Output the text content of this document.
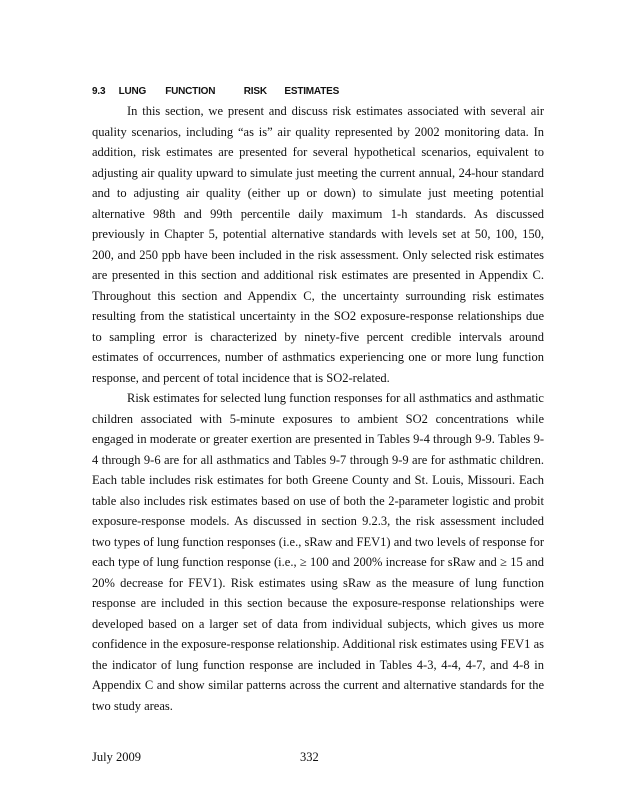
9.3 LUNG FUNCTION	RISK ESTIMATES

In this section, we present and discuss risk estimates associated with several air quality scenarios, including “as is” air quality represented by 2002 monitoring data. In addition, risk estimates are presented for several hypothetical scenarios, equivalent to adjusting air quality upward to simulate just meeting the current annual, 24-hour standard and to adjusting air quality (either up or down) to simulate just meeting potential alternative 98th and 99th percentile daily maximum 1-h standards. As discussed previously in Chapter 5, potential alternative standards with levels set at 50, 100, 150, 200, and 250 ppb have been included in the risk assessment. Only selected risk estimates are presented in this section and additional risk estimates are presented in Appendix C. Throughout this section and Appendix C, the uncertainty surrounding risk estimates resulting from the statistical uncertainty in the SO2 exposure-response relationships due to sampling error is characterized by ninety-five percent credible intervals around estimates of occurrences, number of asthmatics experiencing one or more lung function response, and percent of total incidence that is SO2-related.

Risk estimates for selected lung function responses for all asthmatics and asthmatic children associated with 5-minute exposures to ambient SO2 concentrations while engaged in moderate or greater exertion are presented in Tables 9-4 through 9-9. Tables 9-4 through 9-6 are for all asthmatics and Tables 9-7 through 9-9 are for asthmatic children. Each table includes risk estimates for both Greene County and St. Louis, Missouri. Each table also includes risk estimates based on use of both the 2-parameter logistic and probit exposure-response models. As discussed in section 9.2.3, the risk assessment included two types of lung function responses (i.e., sRaw and FEV1) and two levels of response for each type of lung function response (i.e., ≥ 100 and 200% increase for sRaw and ≥ 15 and 20% decrease for FEV1). Risk estimates using sRaw as the measure of lung function response are included in this section because the exposure-response relationships were developed based on a larger set of data from individual subjects, which gives us more confidence in the exposure-response relationship. Additional risk estimates using FEV1 as the indicator of lung function response are included in Tables 4-3, 4-4, 4-7, and 4-8 in Appendix C and show similar patterns across the current and alternative standards for the two study areas.

July 2009	332
